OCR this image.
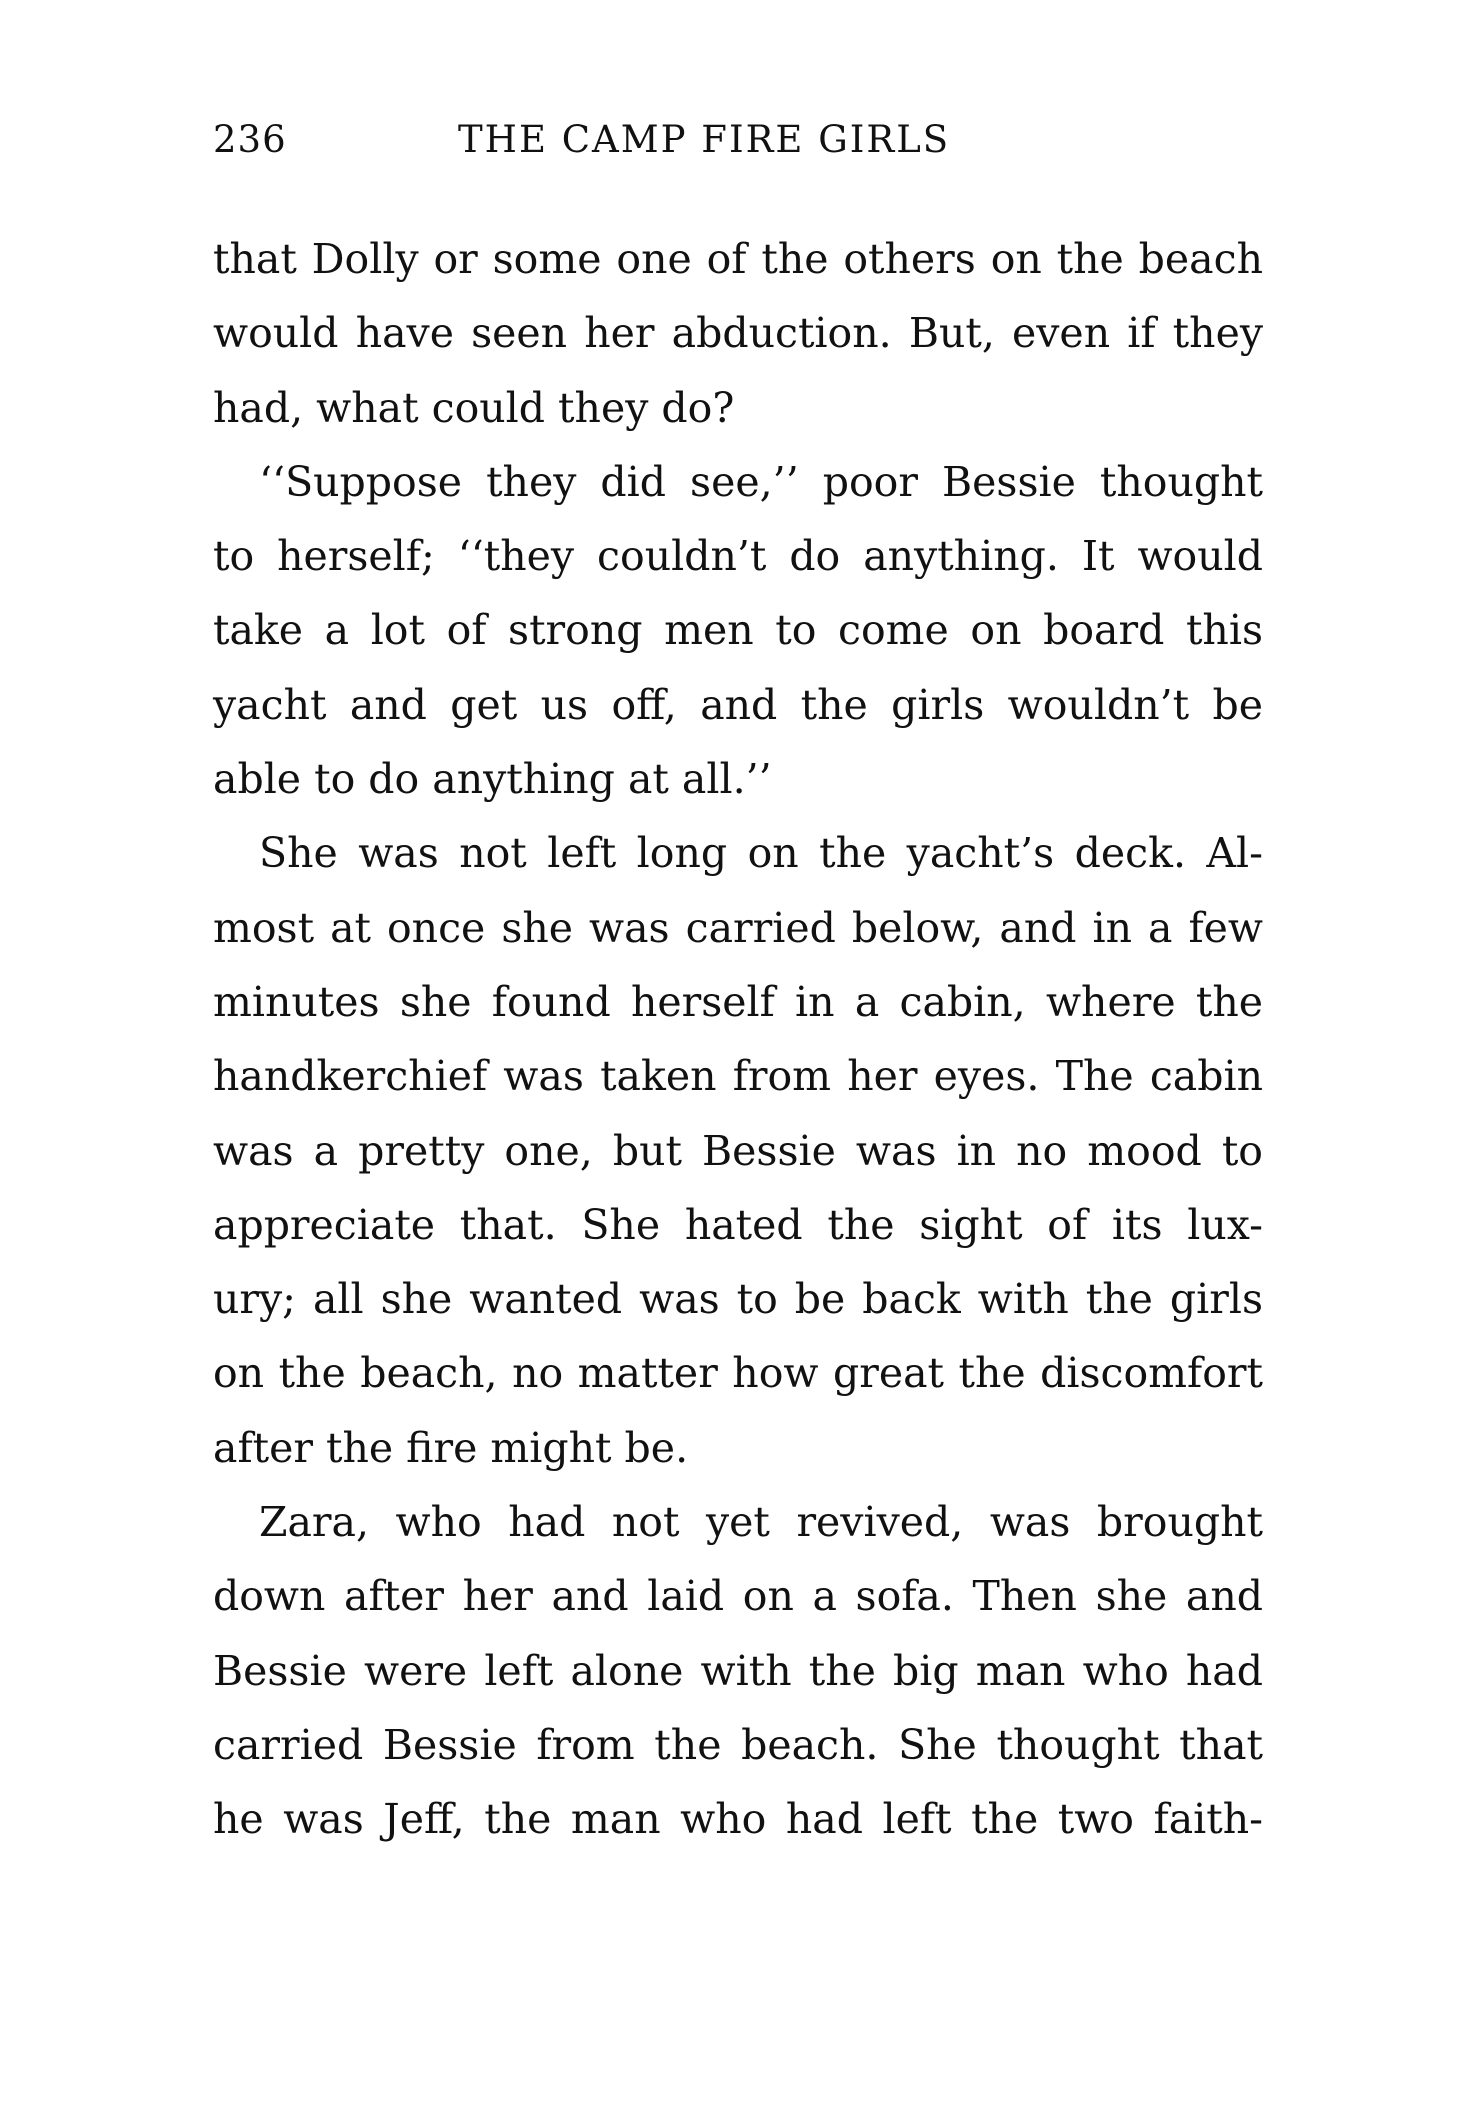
236	THE CAMP FIRE GIRLS
that Dolly or some one of the others on the beach
would have seen her abduction. But, even if they
had, what could they do?
‘‘Suppose they did see,’’ poor Bessie thought
to herself; ‘‘they couldn’t do anything. It would
take a lot of strong men to come on board this
yacht and get us off, and the girls wouldn’t be
able to do anything at all.’’
She was not left long on the yacht’s deck. Al-
most at once she was carried below, and in a few
minutes she found herself in a cabin, where the
handkerchief was taken from her eyes. The cabin
was a pretty one, but Bessie was in no mood to
appreciate that. She hated the sight of its lux-
ury; all she wanted was to be back with the girls
on the beach, no matter how great the discomfort
after the fire might be.
Zara, who had not yet revived, was brought
down after her and laid on a sofa. Then she and
Bessie were left alone with the big man who had
carried Bessie from the beach. She thought that
he was Jeff, the man who had left the two faith-
